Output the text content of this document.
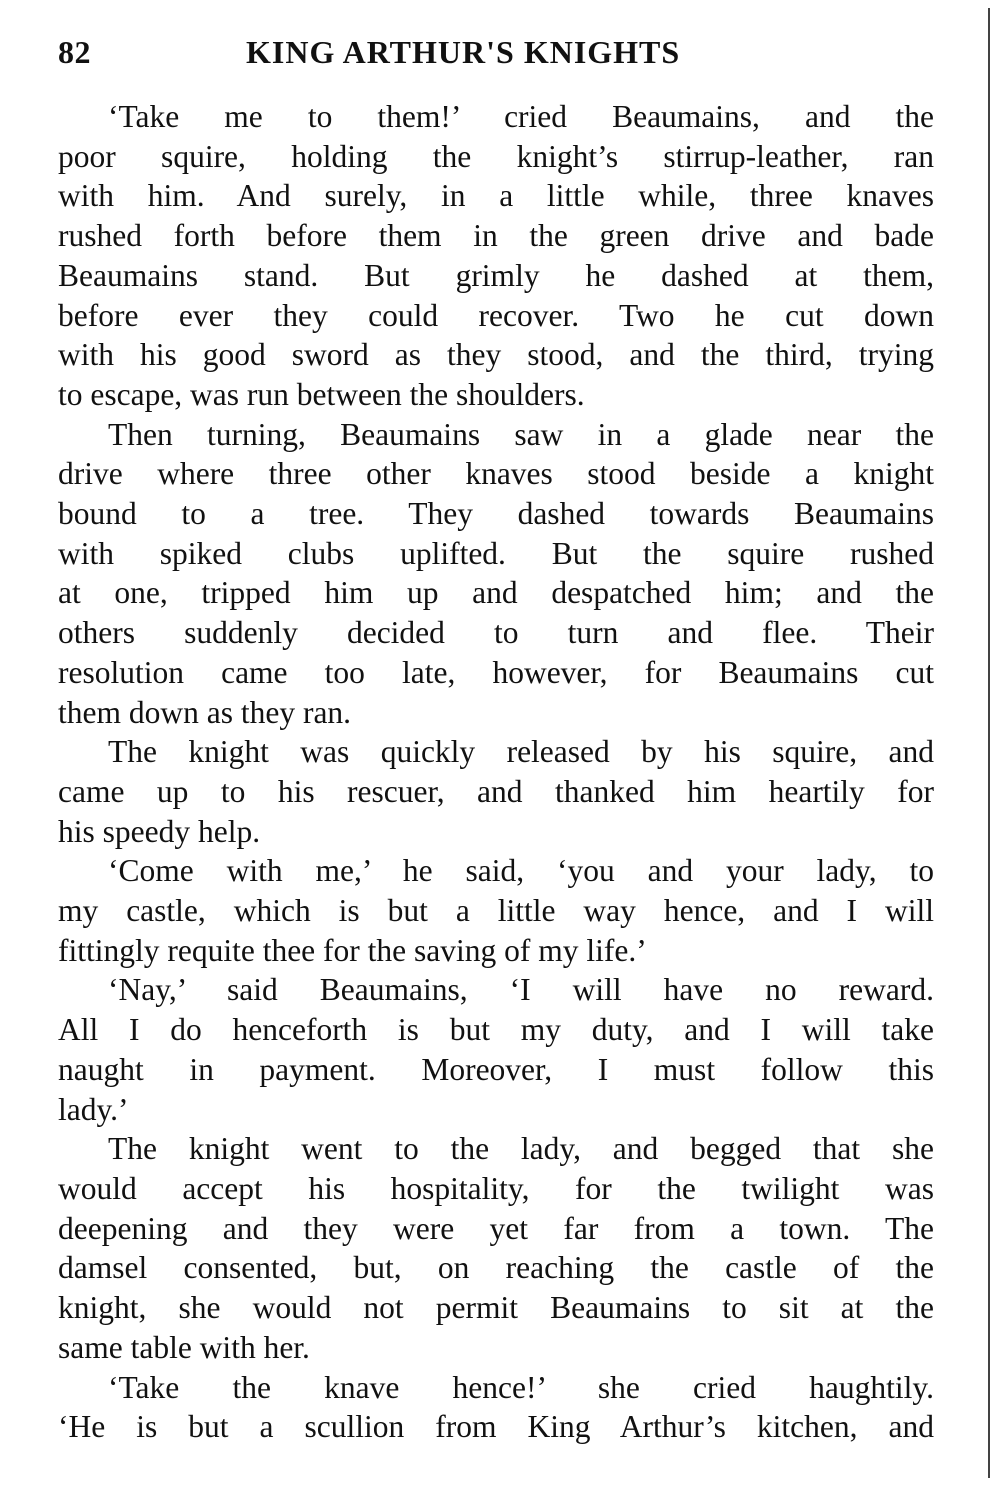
82	KING ARTHUR'S KNIGHTS

‘Take me to them!’ cried Beaumains, and the
poor squire, holding the knight’s stirrup-leather, ran
with him. And surely, in a little while, three knaves
rushed forth before them in the green drive and bade
Beaumains stand. But grimly he dashed at them,
before ever they could recover. Two he cut down
with his good sword as they stood, and the third, trying
to escape, was run between the shoulders.

Then turning, Beaumains saw in a glade near the
drive where three other knaves stood beside a knight
bound to a tree. They dashed towards Beaumains
with spiked clubs uplifted. But the squire rushed
at one, tripped him up and despatched him; and the
others suddenly decided to turn and flee. Their
resolution came too late, however, for Beaumains cut
them down as they ran.

The knight was quickly released by his squire, and
came up to his rescuer, and thanked him heartily for
his speedy help.

‘Come with me,’ he said, ‘you and your lady, to
my castle, which is but a little way hence, and I will
fittingly requite thee for the saving of my life.’

‘Nay,’ said Beaumains, ‘I will have no reward.
All I do henceforth is but my duty, and I will take
naught in payment. Moreover, I must follow this
lady.’

The knight went to the lady, and begged that she
would accept his hospitality, for the twilight was
deepening and they were yet far from a town. The
damsel consented, but, on reaching the castle of the
knight, she would not permit Beaumains to sit at the
same table with her.

‘Take the knave hence!’ she cried haughtily.
‘He is but a scullion from King Arthur’s kitchen, and
